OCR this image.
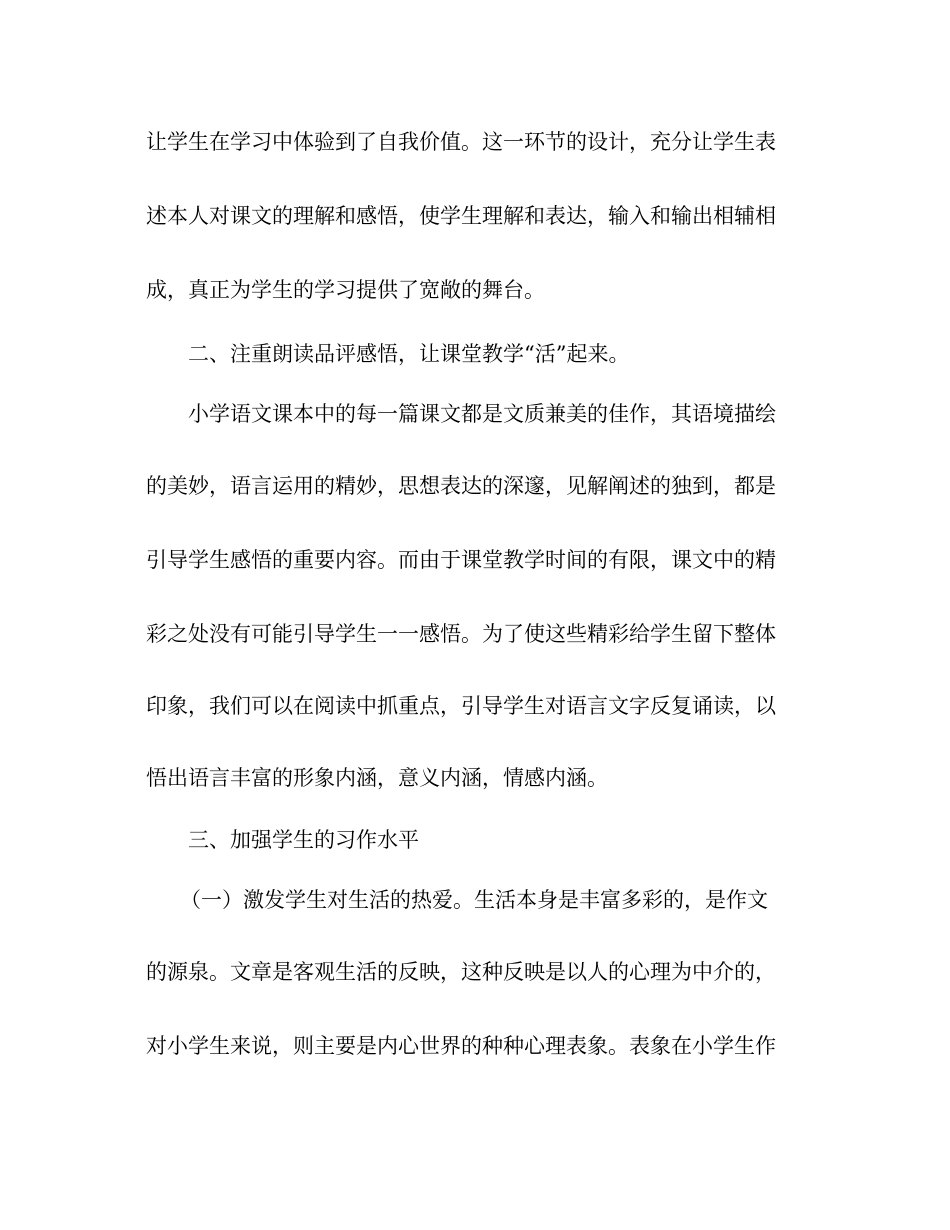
让学生在学习中体验到了自我价值。这一环节的设计，充分让学生表
述本人对课文的理解和感悟，使学生理解和表达，输入和输出相辅相
成，真正为学生的学习提供了宽敞的舞台。
二、注重朗读品评感悟，让课堂教学“活”起来。
小学语文课本中的每一篇课文都是文质兼美的佳作，其语境描绘
的美妙，语言运用的精妙，思想表达的深邃，见解阐述的独到，都是
引导学生感悟的重要内容。而由于课堂教学时间的有限，课文中的精
彩之处没有可能引导学生一一感悟。为了使这些精彩给学生留下整体
印象，我们可以在阅读中抓重点，引导学生对语言文字反复诵读，以
悟出语言丰富的形象内涵，意义内涵，情感内涵。
三、加强学生的习作水平
（一）激发学生对生活的热爱。生活本身是丰富多彩的，是作文
的源泉。文章是客观生活的反映，这种反映是以人的心理为中介的，
对小学生来说，则主要是内心世界的种种心理表象。表象在小学生作
